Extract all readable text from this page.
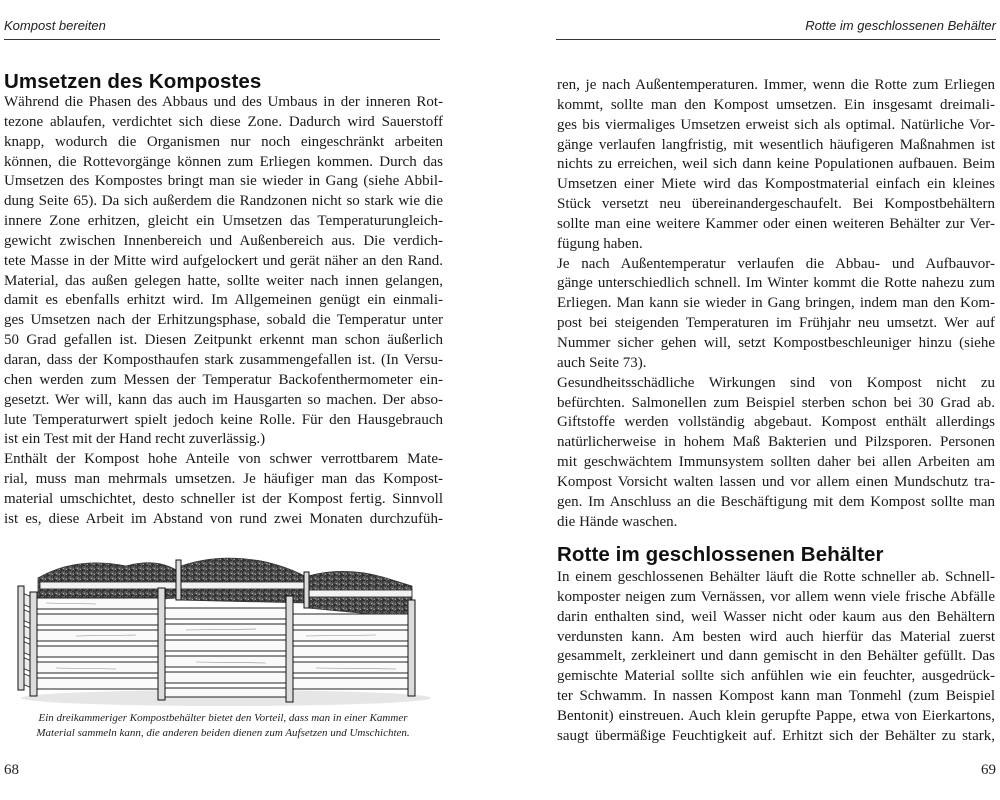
Kompost bereiten
Umsetzen des Kompostes
Während die Phasen des Abbaus und des Umbaus in der inneren Rot-
tezone ablaufen, verdichtet sich diese Zone. Dadurch wird Sauerstoff
knapp, wodurch die Organismen nur noch eingeschränkt arbeiten
können, die Rottevorgänge können zum Erliegen kommen. Durch das
Umsetzen des Kompostes bringt man sie wieder in Gang (siehe Abbil-
dung Seite 65). Da sich außerdem die Randzonen nicht so stark wie die
innere Zone erhitzen, gleicht ein Umsetzen das Temperaturungleich-
gewicht zwischen Innenbereich und Außenbereich aus. Die verdich-
tete Masse in der Mitte wird aufgelockert und gerät näher an den Rand.
Material, das außen gelegen hatte, sollte weiter nach innen gelangen,
damit es ebenfalls erhitzt wird. Im Allgemeinen genügt ein einmali-
ges Umsetzen nach der Erhitzungsphase, sobald die Temperatur unter
50 Grad gefallen ist. Diesen Zeitpunkt erkennt man schon äußerlich
daran, dass der Komposthaufen stark zusammengefallen ist. (In Versu-
chen werden zum Messen der Temperatur Backofenthermometer ein-
gesetzt. Wer will, kann das auch im Hausgarten so machen. Der abso-
lute Temperaturwert spielt jedoch keine Rolle. Für den Hausgebrauch
ist ein Test mit der Hand recht zuverlässig.)
Enthält der Kompost hohe Anteile von schwer verrottbarem Mate-
rial, muss man mehrmals umsetzen. Je häufiger man das Kompost-
material umschichtet, desto schneller ist der Kompost fertig. Sinnvoll
ist es, diese Arbeit im Abstand von rund zwei Monaten durchzufüh-
Ein dreikammeriger Kompostbehälter bietet den Vorteil, dass man in einer Kammer
Material sammeln kann, die anderen beiden dienen zum Aufsetzen und Umschichten.
68
Rotte im geschlossenen Behälter
ren, je nach Außentemperaturen. Immer, wenn die Rotte zum Erliegen
kommt, sollte man den Kompost umsetzen. Ein insgesamt dreimali-
ges bis viermaliges Umsetzen erweist sich als optimal. Natürliche Vor-
gänge verlaufen langfristig, mit wesentlich häufigeren Maßnahmen ist
nichts zu erreichen, weil sich dann keine Populationen aufbauen. Beim
Umsetzen einer Miete wird das Kompostmaterial einfach ein kleines
Stück versetzt neu übereinandergeschaufelt. Bei Kompostbehältern
sollte man eine weitere Kammer oder einen weiteren Behälter zur Ver-
fügung haben.
Je nach Außentemperatur verlaufen die Abbau- und Aufbauvor-
gänge unterschiedlich schnell. Im Winter kommt die Rotte nahezu zum
Erliegen. Man kann sie wieder in Gang bringen, indem man den Kom-
post bei steigenden Temperaturen im Frühjahr neu umsetzt. Wer auf
Nummer sicher gehen will, setzt Kompostbeschleuniger hinzu (siehe
auch Seite 73).
Gesundheitsschädliche Wirkungen sind von Kompost nicht zu
befürchten. Salmonellen zum Beispiel sterben schon bei 30 Grad ab.
Giftstoffe werden vollständig abgebaut. Kompost enthält allerdings
natürlicherweise in hohem Maß Bakterien und Pilzsporen. Personen
mit geschwächtem Immunsystem sollten daher bei allen Arbeiten am
Kompost Vorsicht walten lassen und vor allem einen Mundschutz tra-
gen. Im Anschluss an die Beschäftigung mit dem Kompost sollte man
die Hände waschen.
Rotte im geschlossenen Behälter
In einem geschlossenen Behälter läuft die Rotte schneller ab. Schnell-
komposter neigen zum Vernässen, vor allem wenn viele frische Abfälle
darin enthalten sind, weil Wasser nicht oder kaum aus den Behältern
verdunsten kann. Am besten wird auch hierfür das Material zuerst
gesammelt, zerkleinert und dann gemischt in den Behälter gefüllt. Das
gemischte Material sollte sich anfühlen wie ein feuchter, ausgedrück-
ter Schwamm. In nassen Kompost kann man Tonmehl (zum Beispiel
Bentonit) einstreuen. Auch klein gerupfte Pappe, etwa von Eierkartons,
saugt übermäßige Feuchtigkeit auf. Erhitzt sich der Behälter zu stark,
69
